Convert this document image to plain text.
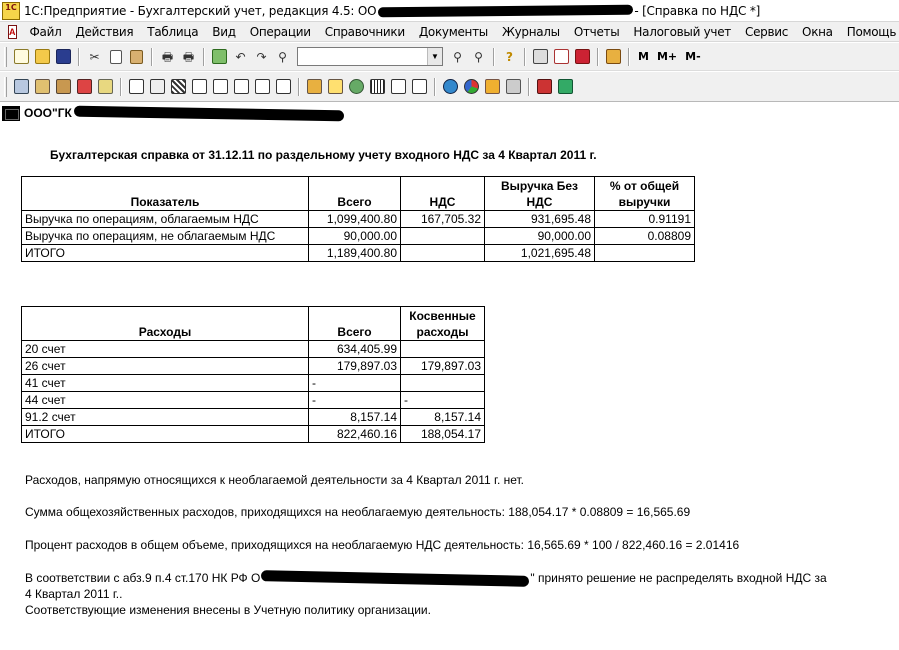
1C 1С:Предприятие - Бухгалтерский учет, редакция 4.5: ОО	- [Справка по НДС *]
A	Файл	Действия	Таблица	Вид	Операции	Справочники	Документы	Журналы	Отчеты	Налоговый учет	Сервис	Окна	Помощь
✂	🖶 🖶	↶ ↷ ⚲	▼	⚲	⚲	?	M M+ M-
ООО"ГК
Бухгалтерская справка от 31.12.11 по раздельному учету входного НДС за 4 Квартал 2011 г.
Показатель	Всего	НДС	Выручка Без НДС	% от общей выручки
Выручка по операциям, облагаемым НДС	1,099,400.80	167,705.32	931,695.48	0.91191
Выручка по операциям, не облагаемым НДС	90,000.00		90,000.00	0.08809
ИТОГО	1,189,400.80		1,021,695.48	
Расходы	Всего	Косвенные расходы
20 счет	634,405.99	
26 счет	179,897.03	179,897.03
41 счет	-	
44 счет	-	-
91.2 счет	8,157.14	8,157.14
ИТОГО	822,460.16	188,054.17
Расходов, напрямую относящихся к необлагаемой деятельности за 4 Квартал 2011 г. нет.
Сумма общехозяйственных расходов, приходящихся на необлагаемую деятельность: 188,054.17 * 0.08809 = 16,565.69
Процент расходов в общем объеме, приходящихся на необлагаемую НДС деятельность: 16,565.69 * 100 / 822,460.16 = 2.01416
В соответствии с абз.9 п.4 ст.170 НК РФ О	" принято решение не распределять входной НДС за
4 Квартал 2011 г..
Соответствующие изменения внесены в Учетную политику организации.
